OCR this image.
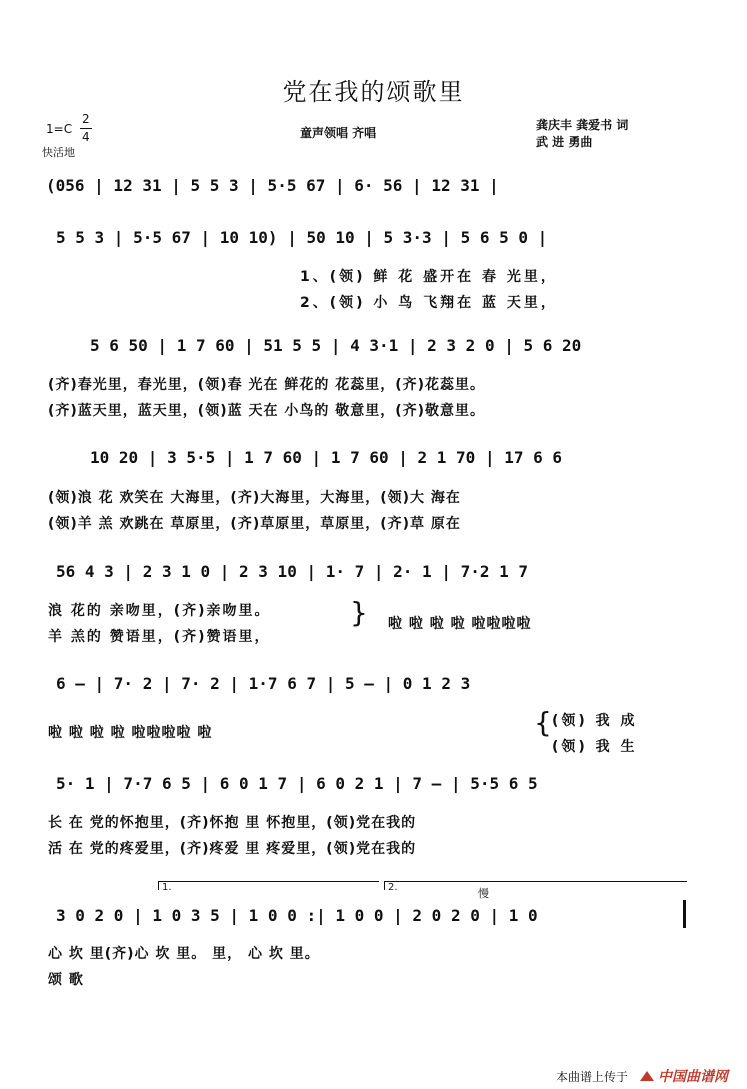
党在我的颂歌里
1=C
2
4
快活地
童声领唱 齐唱
龚庆丰 龚爱书 词
武 进 勇曲
(056 | 12 31 | 5 5 3 | 5·5 67 | 6· 56 | 12 31 |
5 5 3 | 5·5 67 | 10 10) | 50 10 | 5 3·3 | 5 6 5 0 |
1、(领) 鲜 花 盛开在 春 光里，
2、(领) 小 鸟 飞翔在 蓝 天里，
5 6 50 | 1 7 60 | 51 5 5 | 4 3·1 | 2 3 2 0 | 5 6 20
(齐)春光里，春光里，(领)春 光在 鲜花的 花蕊里，(齐)花蕊里。
(齐)蓝天里，蓝天里，(领)蓝 天在 小鸟的 敬意里，(齐)敬意里。
10 20 | 3 5·5 | 1 7 60 | 1 7 60 | 2 1 70 | 17 6 6
(领)浪 花 欢笑在 大海里，(齐)大海里，大海里，(领)大 海在
(领)羊 羔 欢跳在 草原里，(齐)草原里，草原里，(齐)草 原在
56 4 3 | 2 3 1 0 | 2 3 10 | 1· 7 | 2· 1 | 7·2 1 7
浪 花的 亲吻里，(齐)亲吻里。
羊 羔的 赞语里，(齐)赞语里，
} 啦 啦 啦 啦 啦啦啦啦
6 – | 7· 2 | 7· 2 | 1·7 6 7 | 5 – | 0 1 2 3
啦 啦 啦 啦 啦啦啦啦 啦	{ (领) 我 成
(领) 我 生
5· 1 | 7·7 6 5 | 6 0 1 7 | 6 0 2 1 | 7 – | 5·5 6 5
长 在 党的怀抱里，(齐)怀抱 里 怀抱里，(领)党在我的
活 在 党的疼爱里，(齐)疼爱 里 疼爱里，(领)党在我的
1.	2.	慢
3 0 2 0 | 1 0 3 5 | 1 0 0 :| 1 0 0 | 2 0 2 0 | 1 0
心 坎 里(齐)心 坎 里。 里， 心 坎 里。
颂 歌
本曲谱上传于 中国曲谱网
